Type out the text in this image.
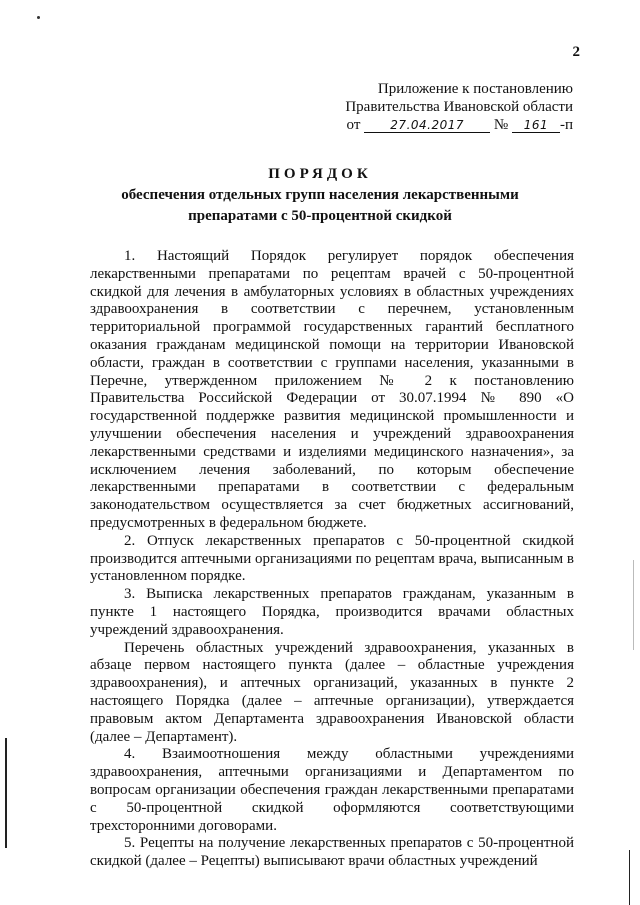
2
Приложение к постановлению
Правительства Ивановской области
от 27.04.2017 № 161 -п
ПОРЯДОК
обеспечения отдельных групп населения лекарственными
препаратами с 50-процентной скидкой

1. Настоящий Порядок регулирует порядок обеспечения лекарственными препаратами по рецептам врачей с 50-процентной скидкой для лечения в амбулаторных условиях в областных учреждениях здравоохранения в соответствии с перечнем, установленным территориальной программой государственных гарантий бесплатного оказания гражданам медицинской помощи на территории Ивановской области, граждан в соответствии с группами населения, указанными в Перечне, утвержденном приложением № 2 к постановлению Правительства Российской Федерации от 30.07.1994 № 890 «О государственной поддержке развития медицинской промышленности и улучшении обеспечения населения и учреждений здравоохранения лекарственными средствами и изделиями медицинского назначения», за исключением лечения заболеваний, по которым обеспечение лекарственными препаратами в соответствии с федеральным законодательством осуществляется за счет бюджетных ассигнований, предусмотренных в федеральном бюджете.

2. Отпуск лекарственных препаратов с 50-процентной скидкой производится аптечными организациями по рецептам врача, выписанным в установленном порядке.

3. Выписка лекарственных препаратов гражданам, указанным в пункте 1 настоящего Порядка, производится врачами областных учреждений здравоохранения.

Перечень областных учреждений здравоохранения, указанных в абзаце первом настоящего пункта (далее – областные учреждения здравоохранения), и аптечных организаций, указанных в пункте 2 настоящего Порядка (далее – аптечные организации), утверждается правовым актом Департамента здравоохранения Ивановской области (далее – Департамент).

4. Взаимоотношения между областными учреждениями здравоохранения, аптечными организациями и Департаментом по вопросам организации обеспечения граждан лекарственными препаратами с 50-процентной скидкой оформляются соответствующими трехсторонними договорами.

5. Рецепты на получение лекарственных препаратов с 50-процентной скидкой (далее – Рецепты) выписывают врачи областных учреждений
